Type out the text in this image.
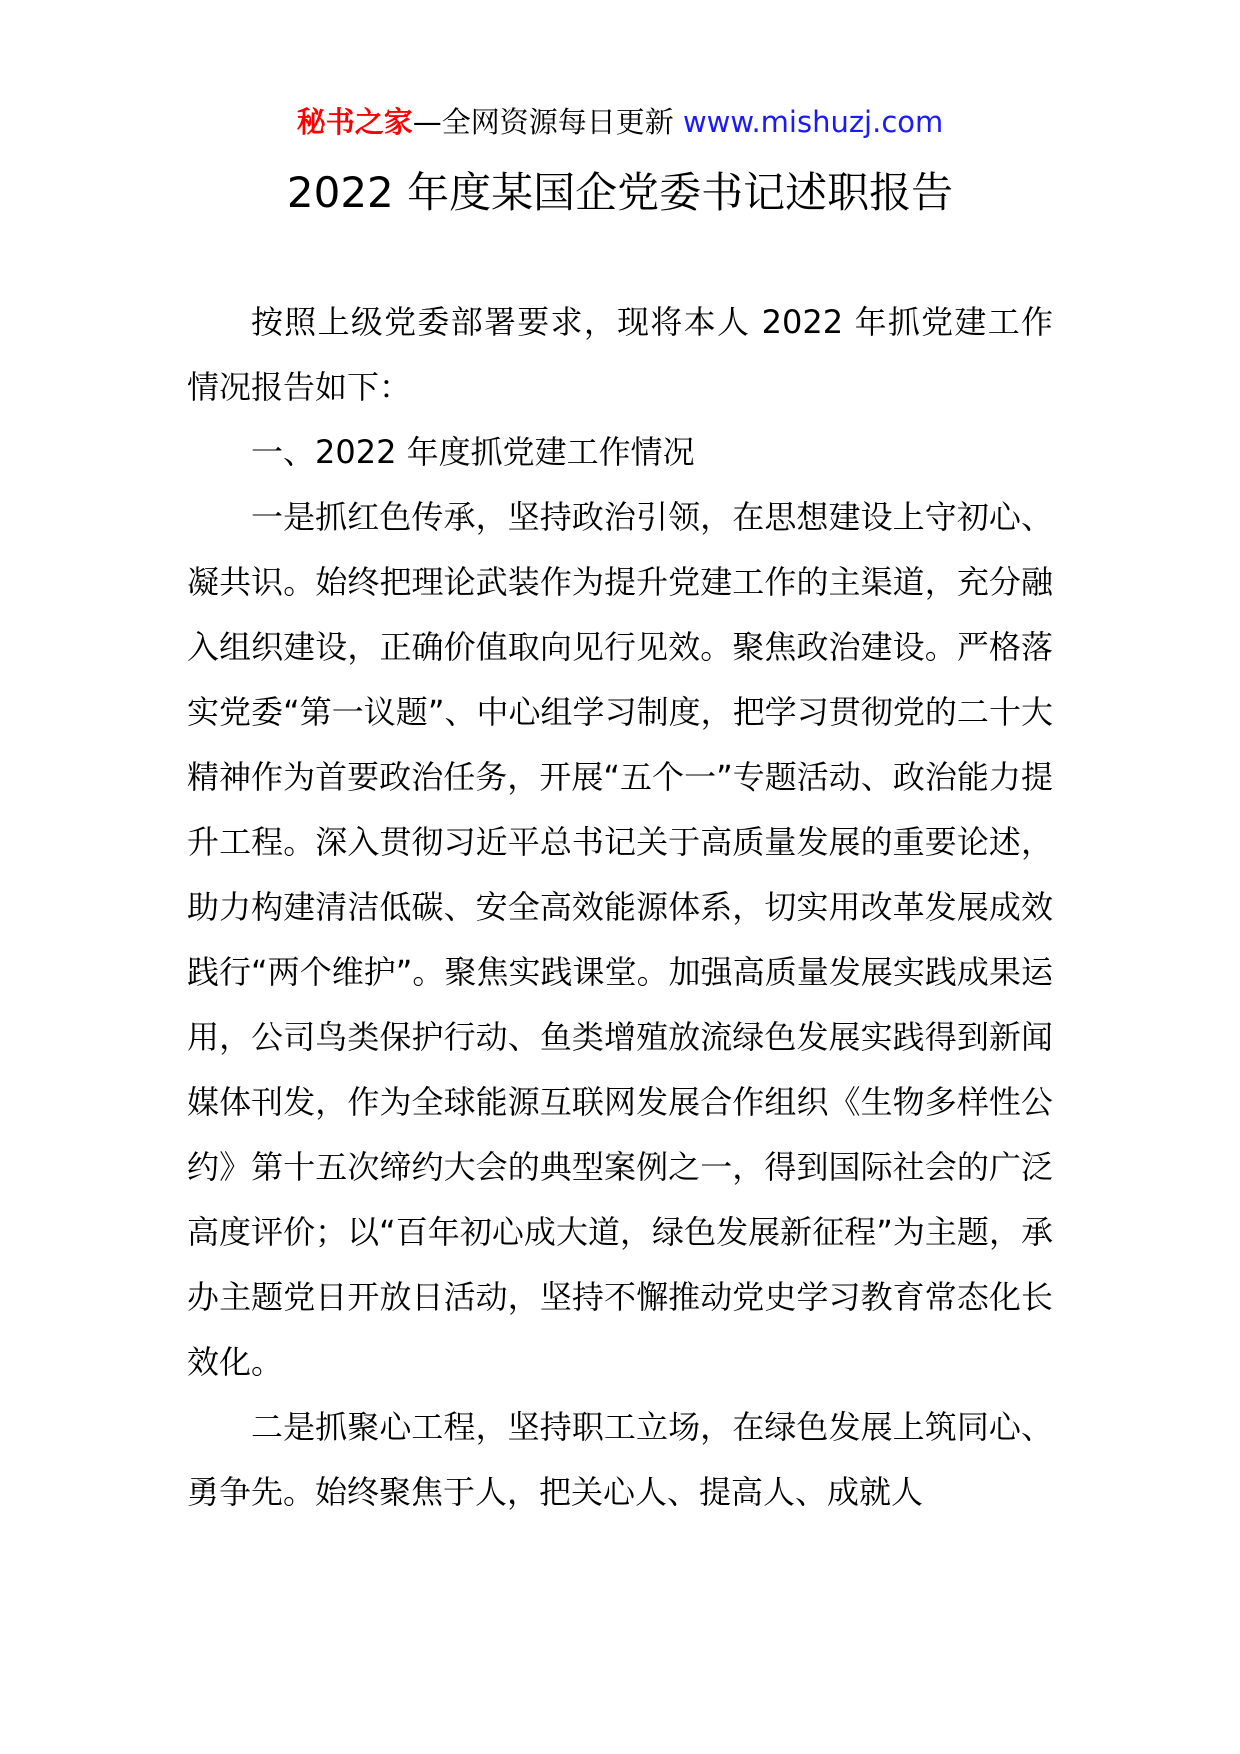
秘书之家—全网资源每日更新 www.mishuzj.com
2022 年度某国企党委书记述职报告

按照上级党委部署要求，现将本人 2022 年抓党建工作情况报告如下：

一、2022 年度抓党建工作情况

一是抓红色传承，坚持政治引领，在思想建设上守初心、凝共识。始终把理论武装作为提升党建工作的主渠道，充分融入组织建设，正确价值取向见行见效。聚焦政治建设。严格落实党委“第一议题”、中心组学习制度，把学习贯彻党的二十大精神作为首要政治任务，开展“五个一”专题活动、政治能力提升工程。深入贯彻习近平总书记关于高质量发展的重要论述，助力构建清洁低碳、安全高效能源体系，切实用改革发展成效践行“两个维护”。聚焦实践课堂。加强高质量发展实践成果运用，公司鸟类保护行动、鱼类增殖放流绿色发展实践得到新闻媒体刊发，作为全球能源互联网发展合作组织《生物多样性公约》第十五次缔约大会的典型案例之一，得到国际社会的广泛高度评价；以“百年初心成大道，绿色发展新征程”为主题，承办主题党日开放日活动，坚持不懈推动党史学习教育常态化长效化。

二是抓聚心工程，坚持职工立场，在绿色发展上筑同心、勇争先。始终聚焦于人，把关心人、提高人、成就人
